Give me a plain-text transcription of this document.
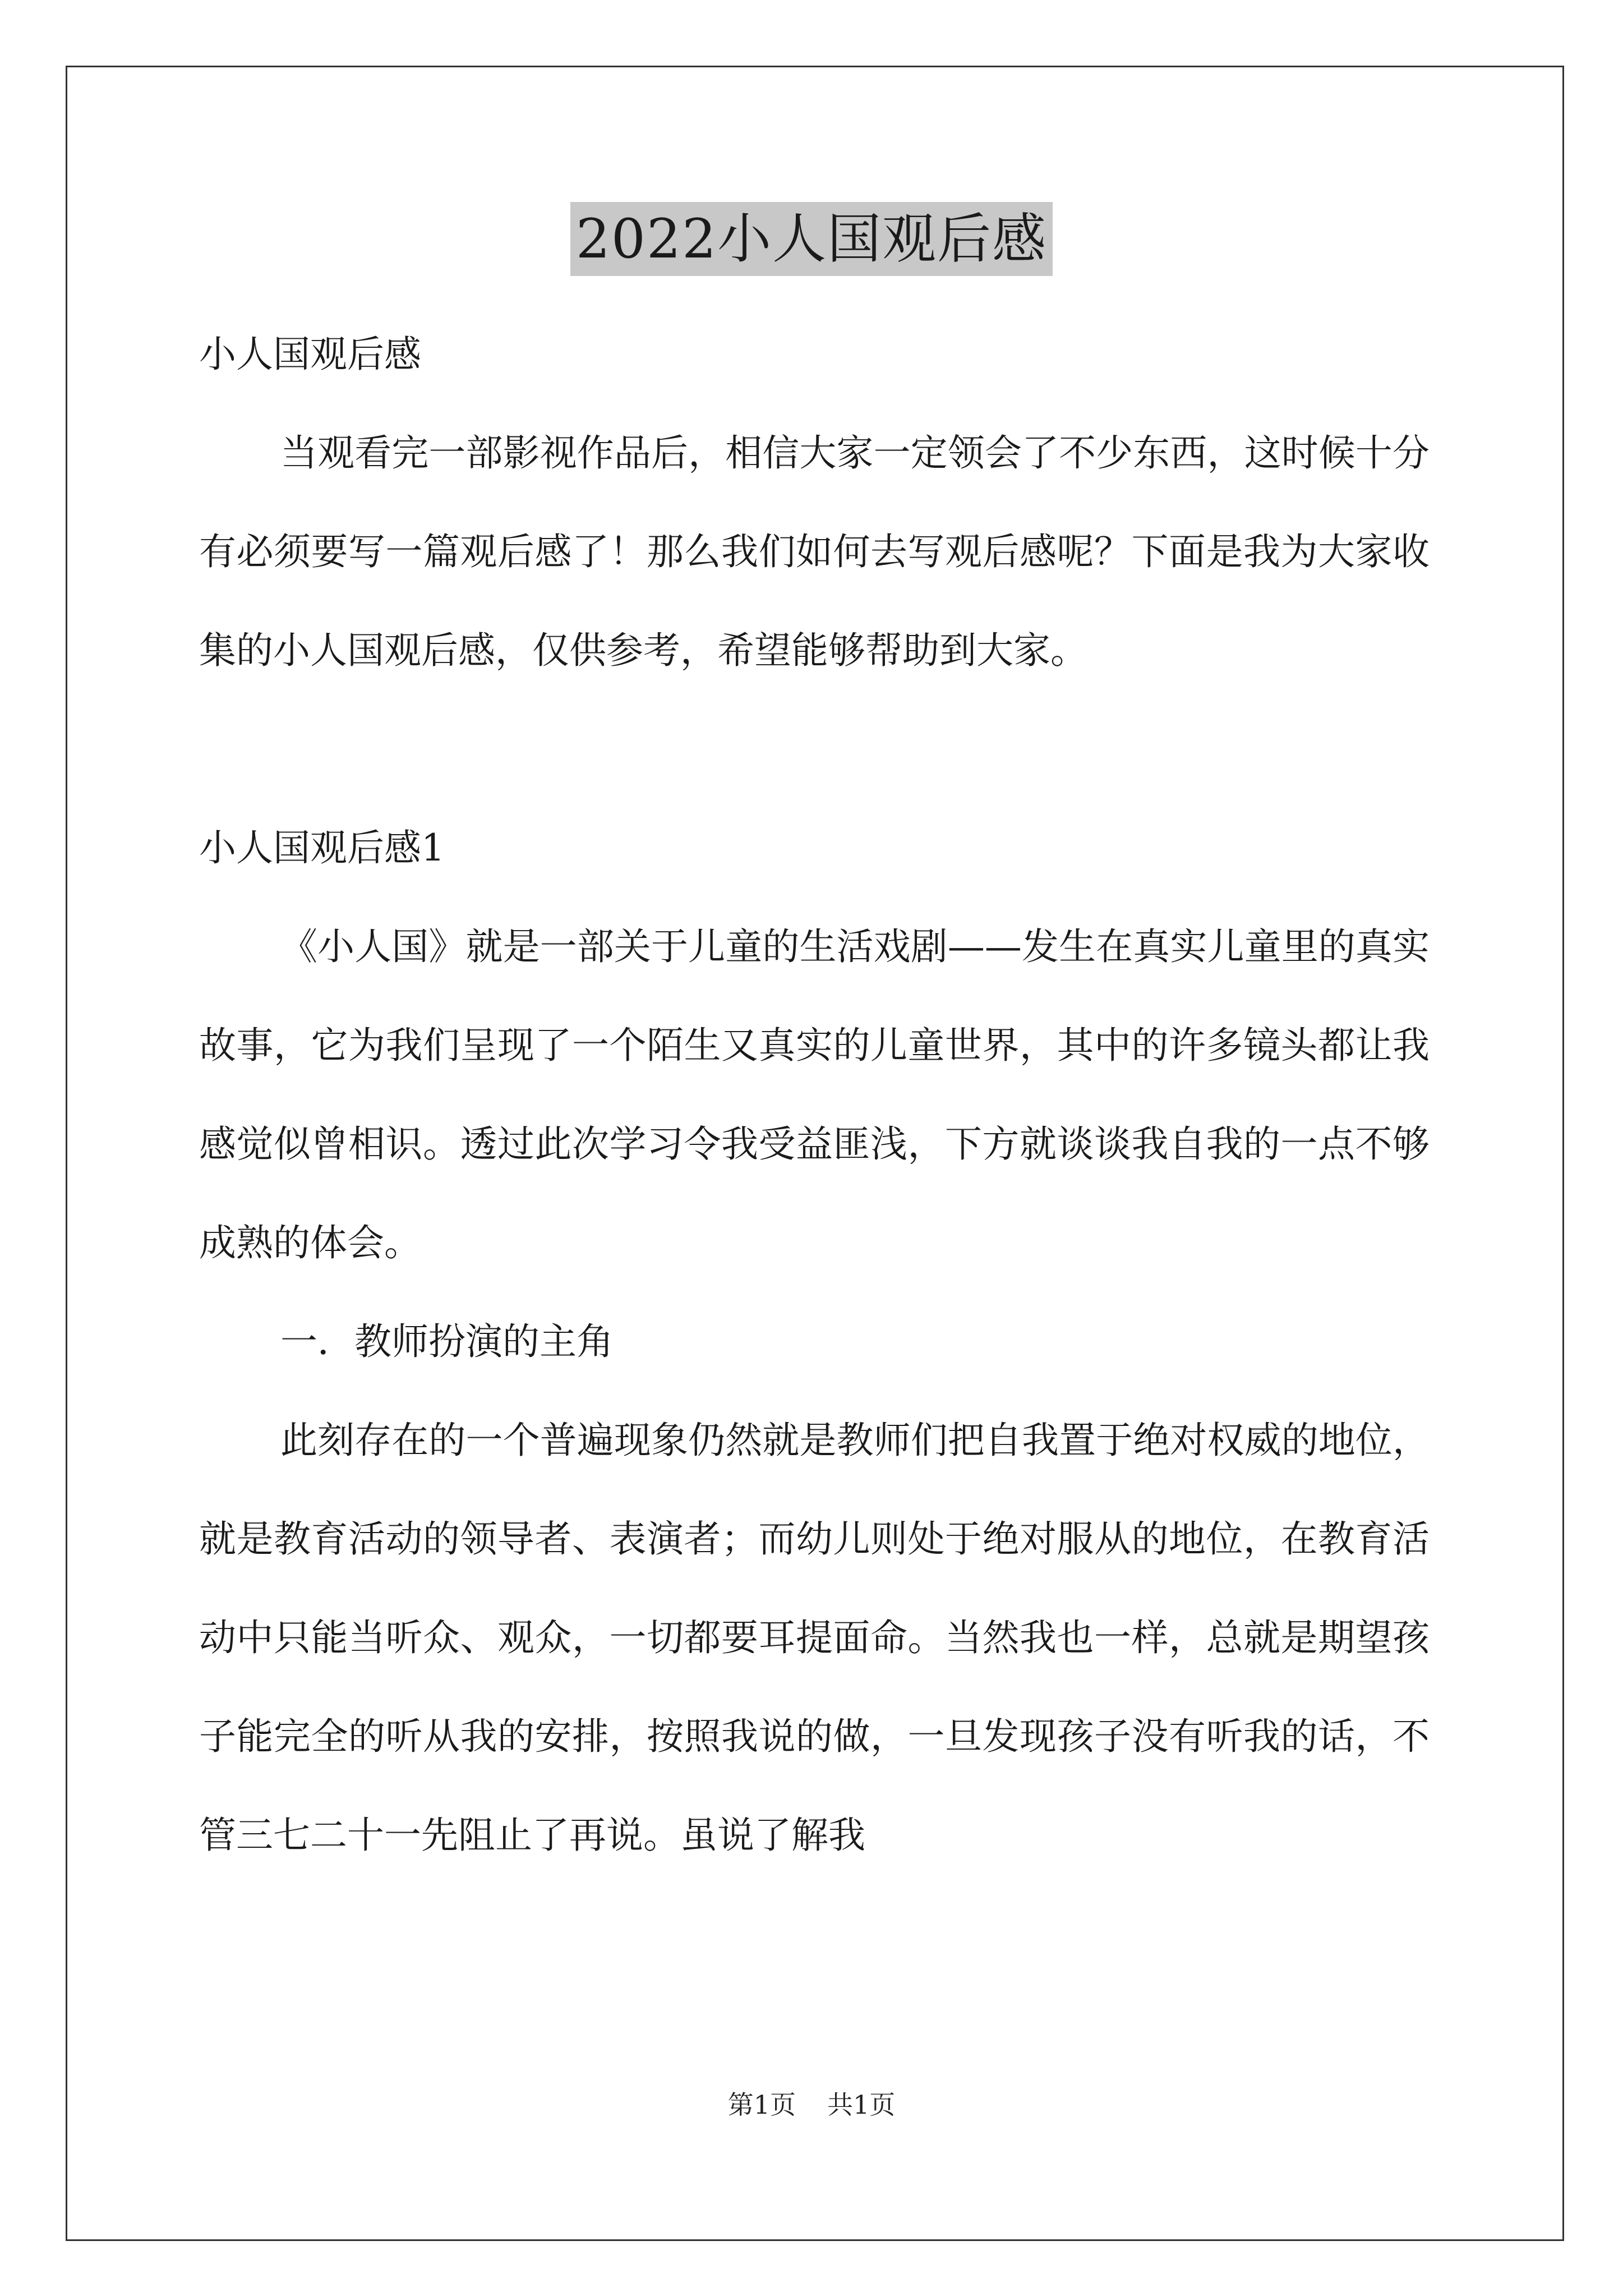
2022小人国观后感

小人国观后感

当观看完一部影视作品后，相信大家一定领会了不少东西，这时候十分有必须要写一篇观后感了！那么我们如何去写观后感呢？下面是我为大家收集的小人国观后感，仅供参考，希望能够帮助到大家。

小人国观后感1

《小人国》就是一部关于儿童的生活戏剧——发生在真实儿童里的真实故事，它为我们呈现了一个陌生又真实的儿童世界，其中的许多镜头都让我感觉似曾相识。透过此次学习令我受益匪浅，下方就谈谈我自我的一点不够成熟的体会。

一．教师扮演的主角

此刻存在的一个普遍现象仍然就是教师们把自我置于绝对权威的地位，就是教育活动的领导者、表演者；而幼儿则处于绝对服从的地位，在教育活动中只能当听众、观众，一切都要耳提面命。当然我也一样，总就是期望孩子能完全的听从我的安排，按照我说的做，一旦发现孩子没有听我的话，不管三七二十一先阻止了再说。虽说了解我

第1页 共1页
